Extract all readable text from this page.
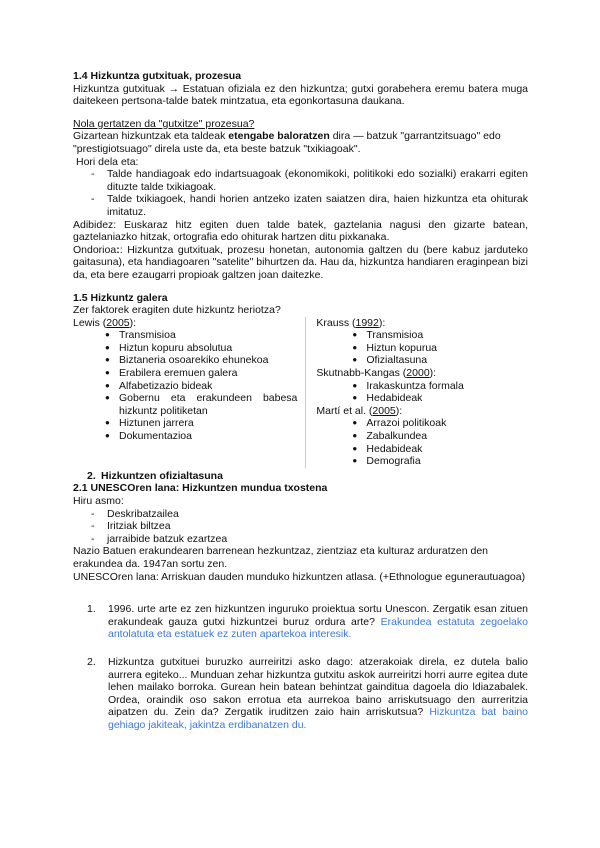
1.4 Hizkuntza gutxituak, prozesua

Hizkuntza gutxituak → Estatuan ofiziala ez den hizkuntza; gutxi gorabehera eremu batera muga daitekeen pertsona-talde batek mintzatua, eta egonkortasuna daukana.

Nola gertatzen da "gutxitze" prozesua?

Gizartean hizkuntzak eta taldeak etengabe baloratzen dira — batzuk "garrantzitsuago" edo "prestigiotsuago" direla uste da, eta beste batzuk "txikiagoak".

Hori dela eta:

- Talde handiagoak edo indartsuagoak (ekonomikoki, politikoki edo sozialki) erakarri egiten dituzte talde txikiagoak.
- Talde txikiagoek, handi horien antzeko izaten saiatzen dira, haien hizkuntza eta ohiturak imitatuz.

Adibidez: Euskaraz hitz egiten duen talde batek, gaztelania nagusi den gizarte batean, gaztelaniazko hitzak, ortografia edo ohiturak hartzen ditu pixkanaka.

Ondorioa:: Hizkuntza gutxituak, prozesu honetan, autonomia galtzen du (bere kabuz jarduteko gaitasuna), eta handiagoaren "satelite" bihurtzen da. Hau da, hizkuntza handiaren eraginpean bizi da, eta bere ezaugarri propioak galtzen joan daitezke.

1.5 Hizkuntz galera

Zer faktorek eragiten dute hizkuntz heriotza?

Lewis (2005):

● Transmisioa
● Hiztun kopuru absolutua
● Biztaneria osoarekiko ehunekoa
● Erabilera eremuen galera
● Alfabetizazio bideak
● Gobernu eta erakundeen babesa hizkuntz politiketan
● Hiztunen jarrera
● Dokumentazioa

Krauss (1992):

● Transmisioa
● Hiztun kopurua
● Ofizialtasuna

Skutnabb-Kangas (2000):

● Irakaskuntza formala
● Hedabideak

Martí et al. (2005):

● Arrazoi politikoak
● Zabalkundea
● Hedabideak
● Demografia

2. Hizkuntzen ofizialtasuna

2.1 UNESCOren lana: Hizkuntzen mundua txostena

Hiru asmo:

- Deskribatzailea
- Iritziak biltzea
- jarraibide batzuk ezartzea

Nazio Batuen erakundearen barrenean hezkuntzaz, zientziaz eta kulturaz arduratzen den erakundea da. 1947an sortu zen.

UNESCOren lana: Arriskuan dauden munduko hizkuntzen atlasa. (+Ethnologue egunerautuagoa)

1. 1996. urte arte ez zen hizkuntzen inguruko proiektua sortu Unescon. Zergatik esan zituen erakundeak gauza gutxi hizkuntzei buruz ordura arte? Erakundea estatuta zegoelako antolatuta eta estatuek ez zuten apartekoa interesik.
2. Hizkuntza gutxituei buruzko aurreiritzi asko dago: atzerakoiak direla, ez dutela balio aurrera egiteko... Munduan zehar hizkuntza gutxitu askok aurreiritzi horri aurre egitea dute lehen mailako borroka. Gurean hein batean behintzat gainditua dagoela dio ldiazabalek. Ordea, oraindik oso sakon errotua eta aurrekoa baino arriskutsuago den aurreritzia aipatzen du. Zein da? Zergatik iruditzen zaio hain arriskutsua? Hizkuntza bat baino gehiago jakiteak, jakintza erdibanatzen du.
